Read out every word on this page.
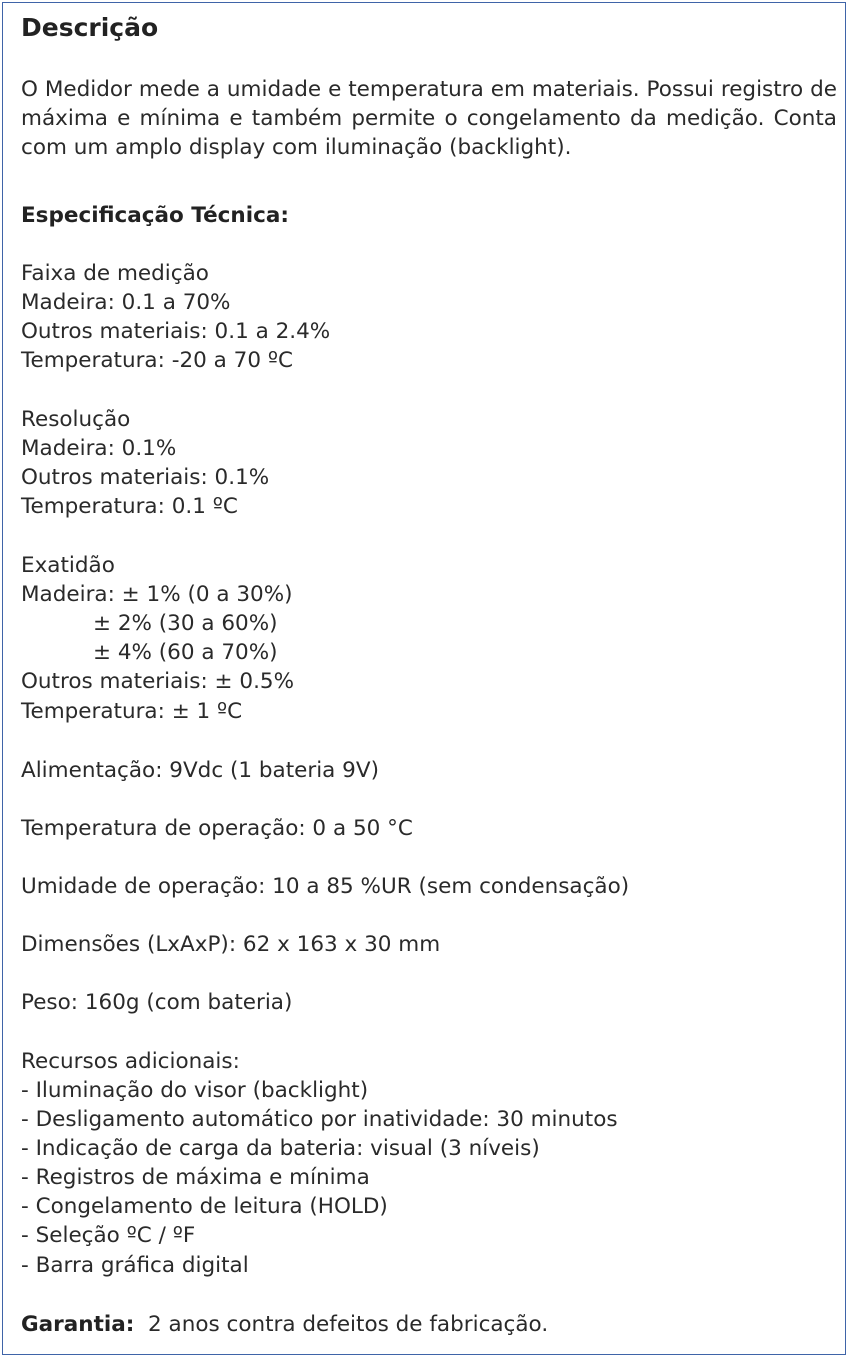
Descrição

O Medidor mede a umidade e temperatura em materiais. Possui registro de máxima e mínima e também permite o congelamento da medição. Conta com um amplo display com iluminação (backlight).

Especificação Técnica:
Faixa de medição
Madeira: 0.1 a 70%
Outros materiais: 0.1 a 2.4%
Temperatura: -20 a 70 ºC
Resolução
Madeira: 0.1%
Outros materiais: 0.1%
Temperatura: 0.1 ºC
Exatidão
Madeira: ± 1% (0 a 30%)
± 2% (30 a 60%)
± 4% (60 a 70%)
Outros materiais: ± 0.5%
Temperatura: ± 1 ºC
Alimentação: 9Vdc (1 bateria 9V)
Temperatura de operação: 0 a 50 °C
Umidade de operação: 10 a 85 %UR (sem condensação)
Dimensões (LxAxP): 62 x 163 x 30 mm
Peso: 160g (com bateria)
Recursos adicionais:
- Iluminação do visor (backlight)
- Desligamento automático por inatividade: 30 minutos
- Indicação de carga da bateria: visual (3 níveis)
- Registros de máxima e mínima
- Congelamento de leitura (HOLD)
- Seleção ºC / ºF
- Barra gráfica digital
Garantia: 2 anos contra defeitos de fabricação.
